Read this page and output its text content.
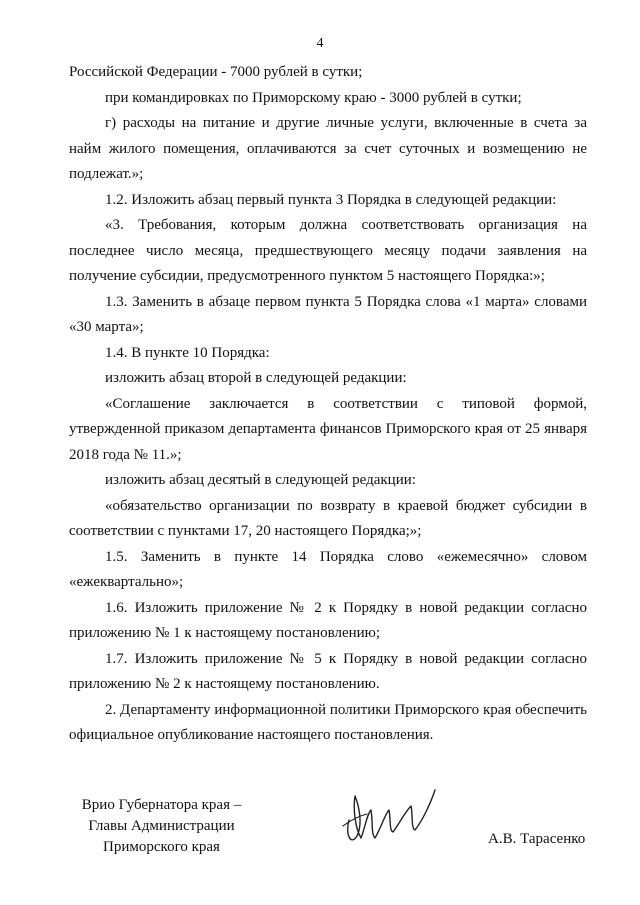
4

Российской Федерации - 7000 рублей в сутки;

при командировках по Приморскому краю - 3000 рублей в сутки;

г) расходы на питание и другие личные услуги, включенные в счета за найм жилого помещения, оплачиваются за счет суточных и возмещению не подлежат.»;

1.2. Изложить абзац первый пункта 3 Порядка в следующей редакции:

«3. Требования, которым должна соответствовать организация на последнее число месяца, предшествующего месяцу подачи заявления на получение субсидии, предусмотренного пунктом 5 настоящего Порядка:»;

1.3. Заменить в абзаце первом пункта 5 Порядка слова «1 марта» словами «30 марта»;

1.4. В пункте 10 Порядка:

изложить абзац второй в следующей редакции:

«Соглашение заключается в соответствии с типовой формой, утвержденной приказом департамента финансов Приморского края от 25 января 2018 года № 11.»;

изложить абзац десятый в следующей редакции:

«обязательство организации по возврату в краевой бюджет субсидии в соответствии с пунктами 17, 20 настоящего Порядка;»;

1.5. Заменить в пункте 14 Порядка слово «ежемесячно» словом «ежеквартально»;

1.6. Изложить приложение № 2 к Порядку в новой редакции согласно приложению № 1 к настоящему постановлению;

1.7. Изложить приложение № 5 к Порядку в новой редакции согласно приложению № 2 к настоящему постановлению.

2. Департаменту информационной политики Приморского края обеспечить официальное опубликование настоящего постановления.

Врио Губернатора края –
Главы Администрации
Приморского края	А.В. Тарасенко
